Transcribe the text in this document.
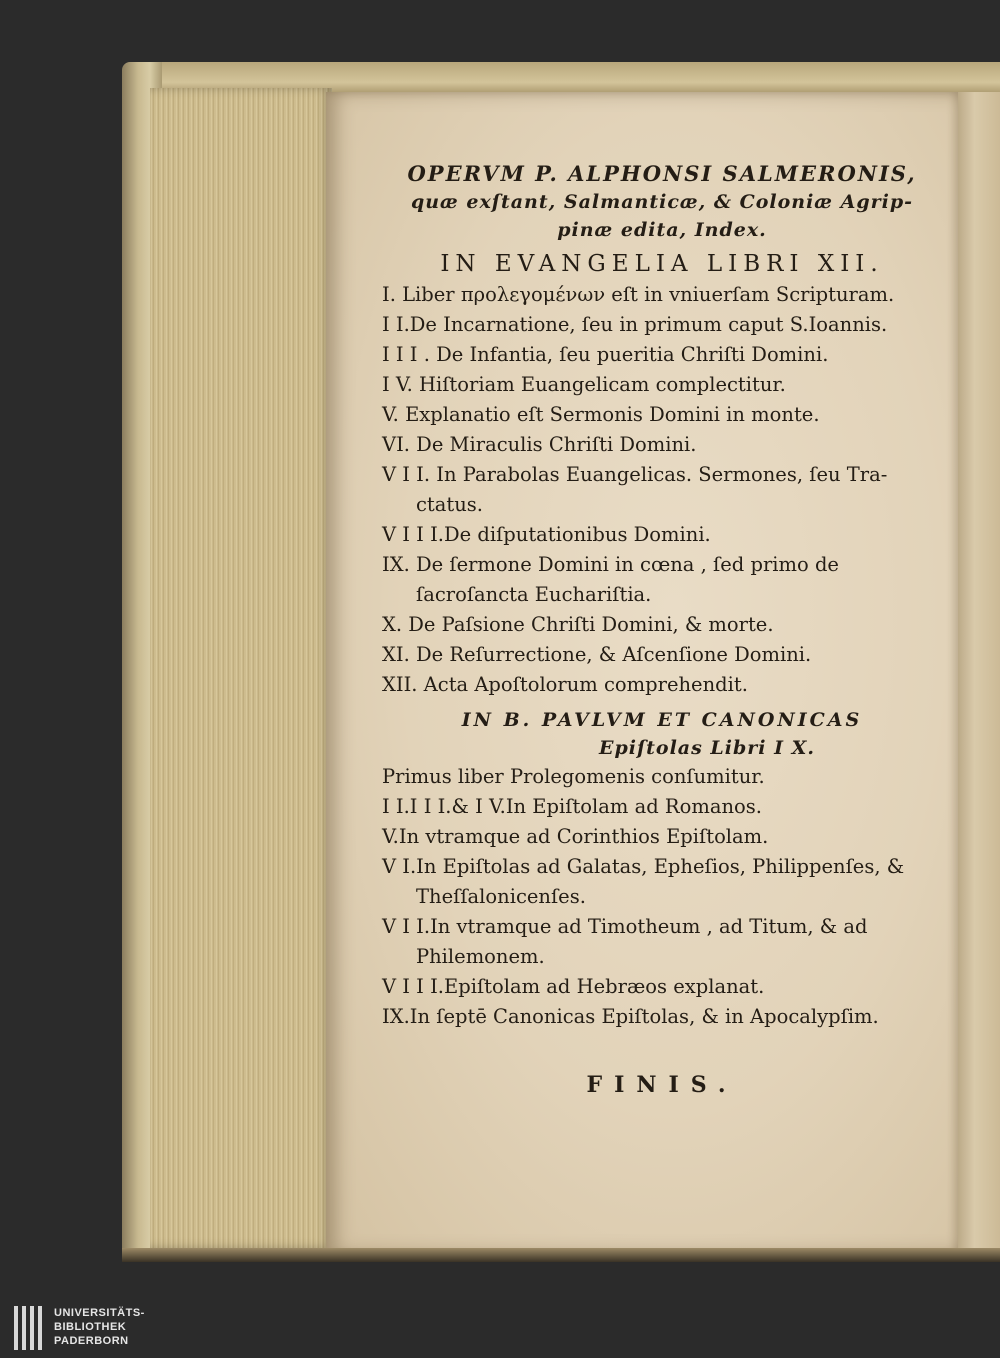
OPERVM P. ALPHONSI SALMERONIS,
quæ exſtant, Salmanticæ, & Coloniæ Agrip-
pinæ edita, Index.
IN EVANGELIA LIBRI XII.
I. Liber προλεγομένων eſt in vniuerſam Scripturam.
I I.De Incarnatione, ſeu in primum caput S.Ioannis.
I I I . De Infantia, ſeu pueritia Chriſti Domini.
I V. Hiſtoriam Euangelicam complectitur.
V. Explanatio eſt Sermonis Domini in monte.
VI. De Miraculis Chriſti Domini.
V I I. In Parabolas Euangelicas. Sermones, ſeu Tra-
ctatus.
V I I I.De diſputationibus Domini.
IX. De ſermone Domini in cœna , ſed primo de
ſacroſancta Euchariſtia.
X. De Paſsione Chriſti Domini, & morte.
XI. De Reſurrectione, & Aſcenſione Domini.
XII. Acta Apoſtolorum comprehendit.
IN B. PAVLVM ET CANONICAS
Epiſtolas Libri I X.
Primus liber Prolegomenis conſumitur.
I I.I I I.& I V.In Epiſtolam ad Romanos.
V.In vtramque ad Corinthios Epiſtolam.
V I.In Epiſtolas ad Galatas, Epheſios, Philippenſes, &
Theſſalonicenſes.
V I I.In vtramque ad Timotheum , ad Titum, & ad
Philemonem.
V I I I.Epiſtolam ad Hebræos explanat.
IX.In ſeptē Canonicas Epiſtolas, & in Apocalypſim.
FINIS.
UNIVERSITÄTS-
BIBLIOTHEK
PADERBORN
